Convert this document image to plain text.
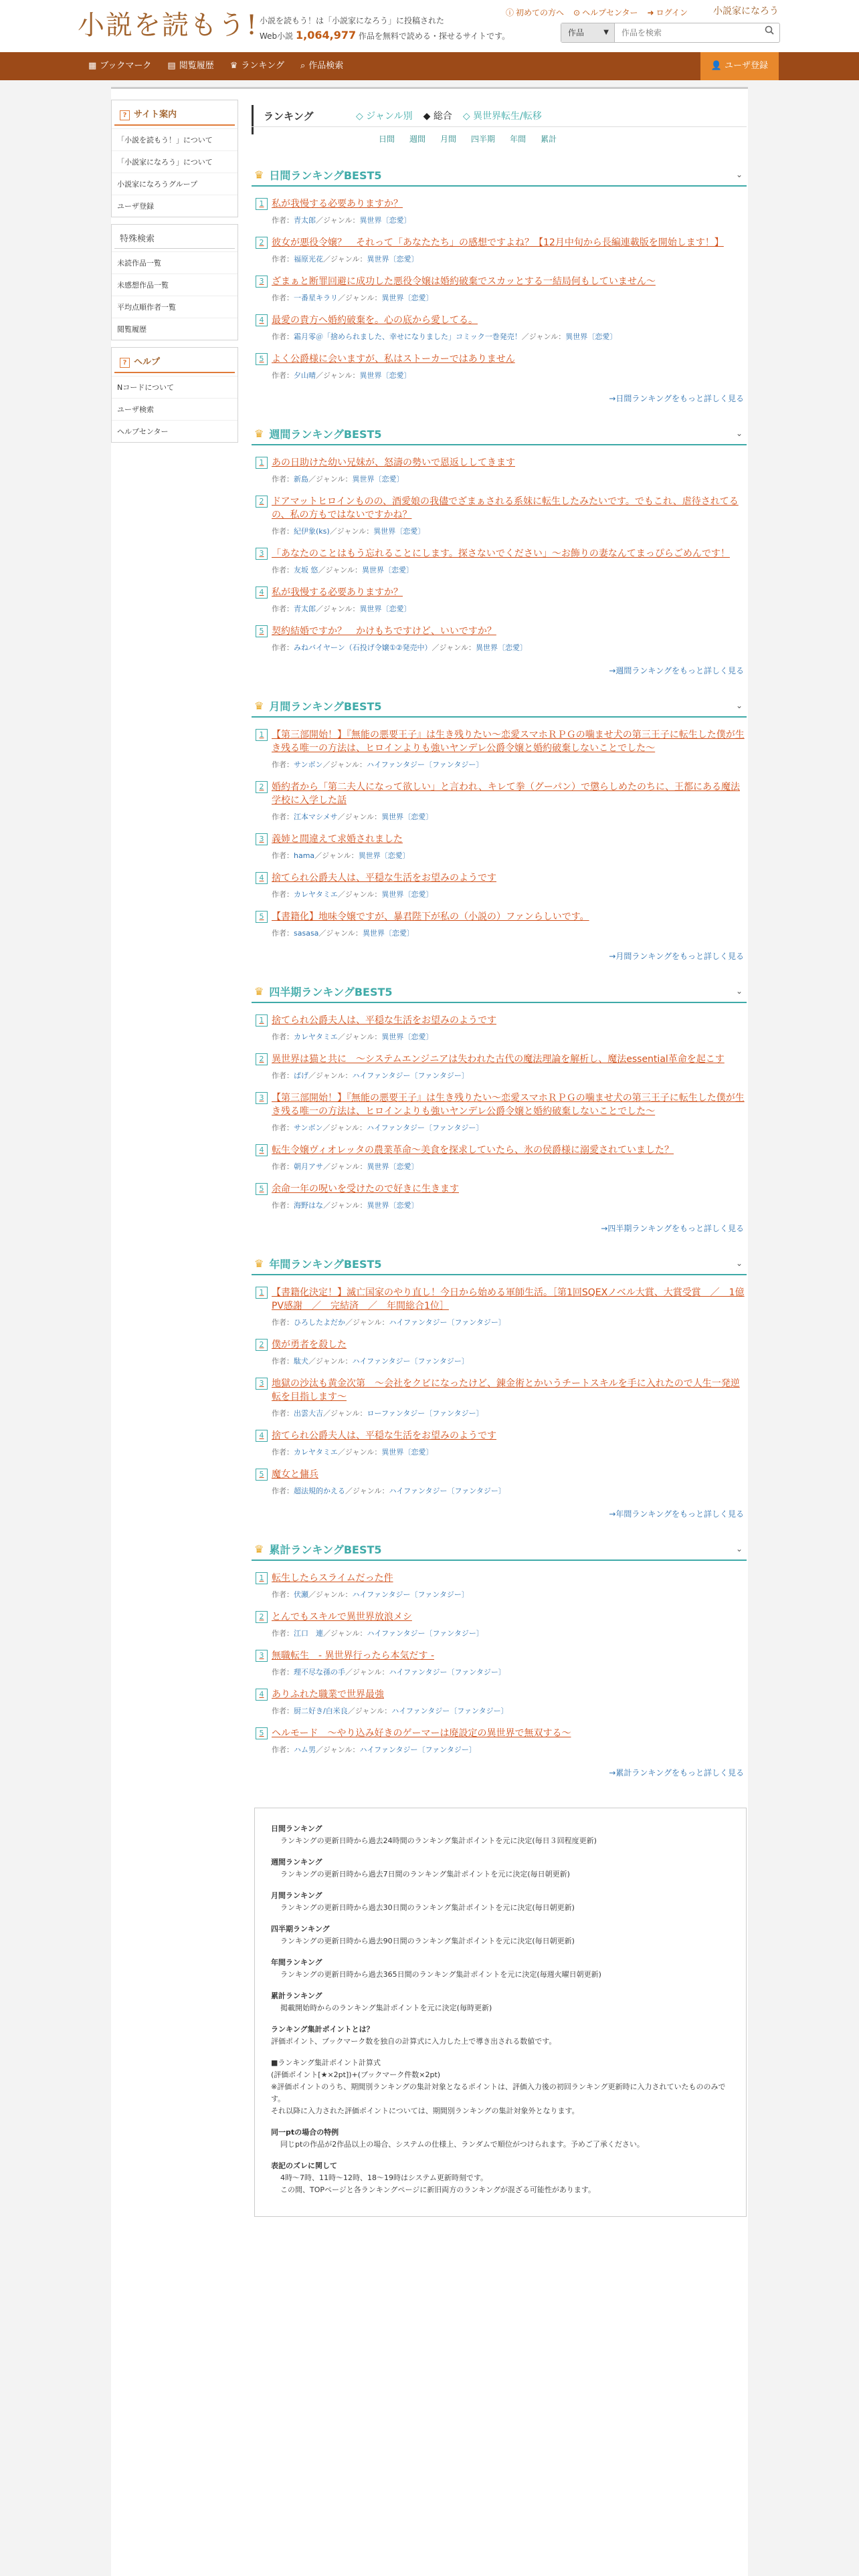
小説を読もう! 小説を読もう！は「小説家になろう」に投稿された
Web小説 1,064,977 作品を無料で読める・探せるサイトです。
ⓘ 初めての方へ ⊙ ヘルプセンター ➜ ログイン	小説家になろう
作品	▼
作品を検索
▦ ブックマーク	▤ 閲覧履歴	♛ ランキング	⌕ 作品検索	👤 ユーザ登録
? サイト案内
「小説を読もう！」について
「小説家になろう」について
小説家になろうグループ
ユーザ登録
特殊検索
未読作品一覧
未感想作品一覧
平均点順作者一覧
閲覧履歴
? ヘルプ
Nコードについて
ユーザ検索
ヘルプセンター
ランキング	◇ ジャンル別 ◆ 総合 ◇ 異世界転生/転移
日間 週間 月間 四半期 年間 累計
♛ 日間ランキングBEST5	⌄
1 私が我慢する必要ありますか？
作者：青太郎／ジャンル：異世界〔恋愛〕
2 彼女が悪役令嬢？　それって「あなたたち」の感想ですよね？【12月中旬から長編連載版を開始します！】
作者：福原光花／ジャンル：異世界〔恋愛〕
3 ざまぁと断罪回避に成功した悪役令嬢は婚約破棄でスカッとする一結局何もしていません〜
作者：一番星キラリ／ジャンル：異世界〔恋愛〕
4 最愛の貴方へ婚約破棄を。心の底から愛してる。
作者：霜月零＠「捨められました、幸せになりました」コミック一巻発売！／ジャンル：異世界〔恋愛〕
5 よく公爵様に会いますが、私はストーカーではありません
作者：夕山晴／ジャンル：異世界〔恋愛〕
→日間ランキングをもっと詳しく見る
♛ 週間ランキングBEST5	⌄
1 あの日助けた幼い兄妹が、怒濤の勢いで恩返ししてきます
作者：新島／ジャンル：異世界〔恋愛〕
2 ドアマットヒロインものの、酒愛娘の我儘でざまぁされる系妹に転生したみたいです。でもこれ、虐待されてるの、私の方もではないですかね？
作者：紀伊象(ks)／ジャンル：異世界〔恋愛〕
3 「あなたのことはもう忘れることにします。探さないでください」〜お飾りの妻なんてまっぴらごめんです！
作者：友坂 悠／ジャンル：異世界〔恋愛〕
4 私が我慢する必要ありますか？
作者：青太郎／ジャンル：異世界〔恋愛〕
5 契約結婚ですか？　かけもちですけど、いいですか？
作者：みねバイヤーン（石投げ令嬢①②発売中）／ジャンル：異世界〔恋愛〕
→週間ランキングをもっと詳しく見る
♛ 月間ランキングBEST5	⌄
1 【第三部開始！】『無能の悪要王子』は生き残りたい〜恋愛スマホＲＰＧの噛ませ犬の第三王子に転生した僕が生き残る唯一の方法は、ヒロインよりも強いヤンデレ公爵令嬢と婚約破棄しないことでした〜
作者：サンボン／ジャンル：ハイファンタジー〔ファンタジー〕
2 婚約者から「第二夫人になって欲しい」と言われ、キレて拳（グーパン）で懲らしめたのちに、王都にある魔法学校に入学した話
作者：江本マシメサ／ジャンル：異世界〔恋愛〕
3 義姉と間違えて求婚されました
作者：hama／ジャンル：異世界〔恋愛〕
4 捨てられ公爵夫人は、平穏な生活をお望みのようです
作者：カレヤタミエ／ジャンル：異世界〔恋愛〕
5 【書籍化】地味令嬢ですが、暴君陛下が私の（小説の）ファンらしいです。
作者：sasasa／ジャンル：異世界〔恋愛〕
→月間ランキングをもっと詳しく見る
♛ 四半期ランキングBEST5	⌄
1 捨てられ公爵夫人は、平穏な生活をお望みのようです
作者：カレヤタミエ／ジャンル：異世界〔恋愛〕
2 異世界は猫と共に　〜システムエンジニアは失われた古代の魔法理論を解析し、魔法essential革命を起こす
作者：ぱげ／ジャンル：ハイファンタジー〔ファンタジー〕
3 【第三部開始！】『無能の悪要王子』は生き残りたい〜恋愛スマホＲＰＧの噛ませ犬の第三王子に転生した僕が生き残る唯一の方法は、ヒロインよりも強いヤンデレ公爵令嬢と婚約破棄しないことでした〜
作者：サンボン／ジャンル：ハイファンタジー〔ファンタジー〕
4 転生令嬢ヴィオレッタの農業革命〜美食を探求していたら、氷の侯爵様に溺愛されていました？
作者：朝月アサ／ジャンル：異世界〔恋愛〕
5 余命一年の呪いを受けたので好きに生きます
作者：海野はな／ジャンル：異世界〔恋愛〕
→四半期ランキングをもっと詳しく見る
♛ 年間ランキングBEST5	⌄
1 【書籍化決定！】滅亡国家のやり直し！今日から始める軍師生活。［第1回SQEXノベル大賞、大賞受賞　／　1億PV感謝　／　完結済　／　年間総合1位］
作者：ひろしたよだか／ジャンル：ハイファンタジー〔ファンタジー〕
2 僕が勇者を殺した
作者：駄犬／ジャンル：ハイファンタジー〔ファンタジー〕
3 地獄の沙汰も黄金次第　〜会社をクビになったけど、錬金術とかいうチートスキルを手に入れたので人生一発逆転を目指します〜
作者：出雲大吉／ジャンル：ローファンタジー〔ファンタジー〕
4 捨てられ公爵夫人は、平穏な生活をお望みのようです
作者：カレヤタミエ／ジャンル：異世界〔恋愛〕
5 魔女と傭兵
作者：超法規的かえる／ジャンル：ハイファンタジー〔ファンタジー〕
→年間ランキングをもっと詳しく見る
♛ 累計ランキングBEST5	⌄
1 転生したらスライムだった件
作者：伏瀬／ジャンル：ハイファンタジー〔ファンタジー〕
2 とんでもスキルで異世界放浪メシ
作者：江口　連／ジャンル：ハイファンタジー〔ファンタジー〕
3 無職転生　- 異世界行ったら本気だす -
作者：理不尽な孫の手／ジャンル：ハイファンタジー〔ファンタジー〕
4 ありふれた職業で世界最強
作者：厨二好き/白米良／ジャンル：ハイファンタジー〔ファンタジー〕
5 ヘルモード　〜やり込み好きのゲーマーは廃設定の異世界で無双する〜
作者：ハム男／ジャンル：ハイファンタジー〔ファンタジー〕
→累計ランキングをもっと詳しく見る
日間ランキング
ランキングの更新日時から過去24時間のランキング集計ポイントを元に決定(毎日３回程度更新)
週間ランキング
ランキングの更新日時から過去7日間のランキング集計ポイントを元に決定(毎日朝更新)
月間ランキング
ランキングの更新日時から過去30日間のランキング集計ポイントを元に決定(毎日朝更新)
四半期ランキング
ランキングの更新日時から過去90日間のランキング集計ポイントを元に決定(毎日朝更新)
年間ランキング
ランキングの更新日時から過去365日間のランキング集計ポイントを元に決定(毎週火曜日朝更新)
累計ランキング
掲載開始時からのランキング集計ポイントを元に決定(毎時更新)
ランキング集計ポイントとは？
評価ポイント、ブックマーク数を独自の計算式に入力した上で導き出される数値です。
■ランキング集計ポイント計算式
(評価ポイント[★×2pt])+(ブックマーク件数×2pt)
※評価ポイントのうち、期間別ランキングの集計対象となるポイントは、評価入力後の初回ランキング更新時に入力されていたもののみです。
それ以降に入力された評価ポイントについては、期間別ランキングの集計対象外となります。
同一ptの場合の特例
同じptの作品が2作品以上の場合、システムの仕様上、ランダムで順位がつけられます。予めご了承ください。
表記のズレに関して
4時〜7時、11時〜12時、18〜19時はシステム更新時刻です。
この間、TOPページと各ランキングページに新旧両方のランキングが混ざる可能性があります。
